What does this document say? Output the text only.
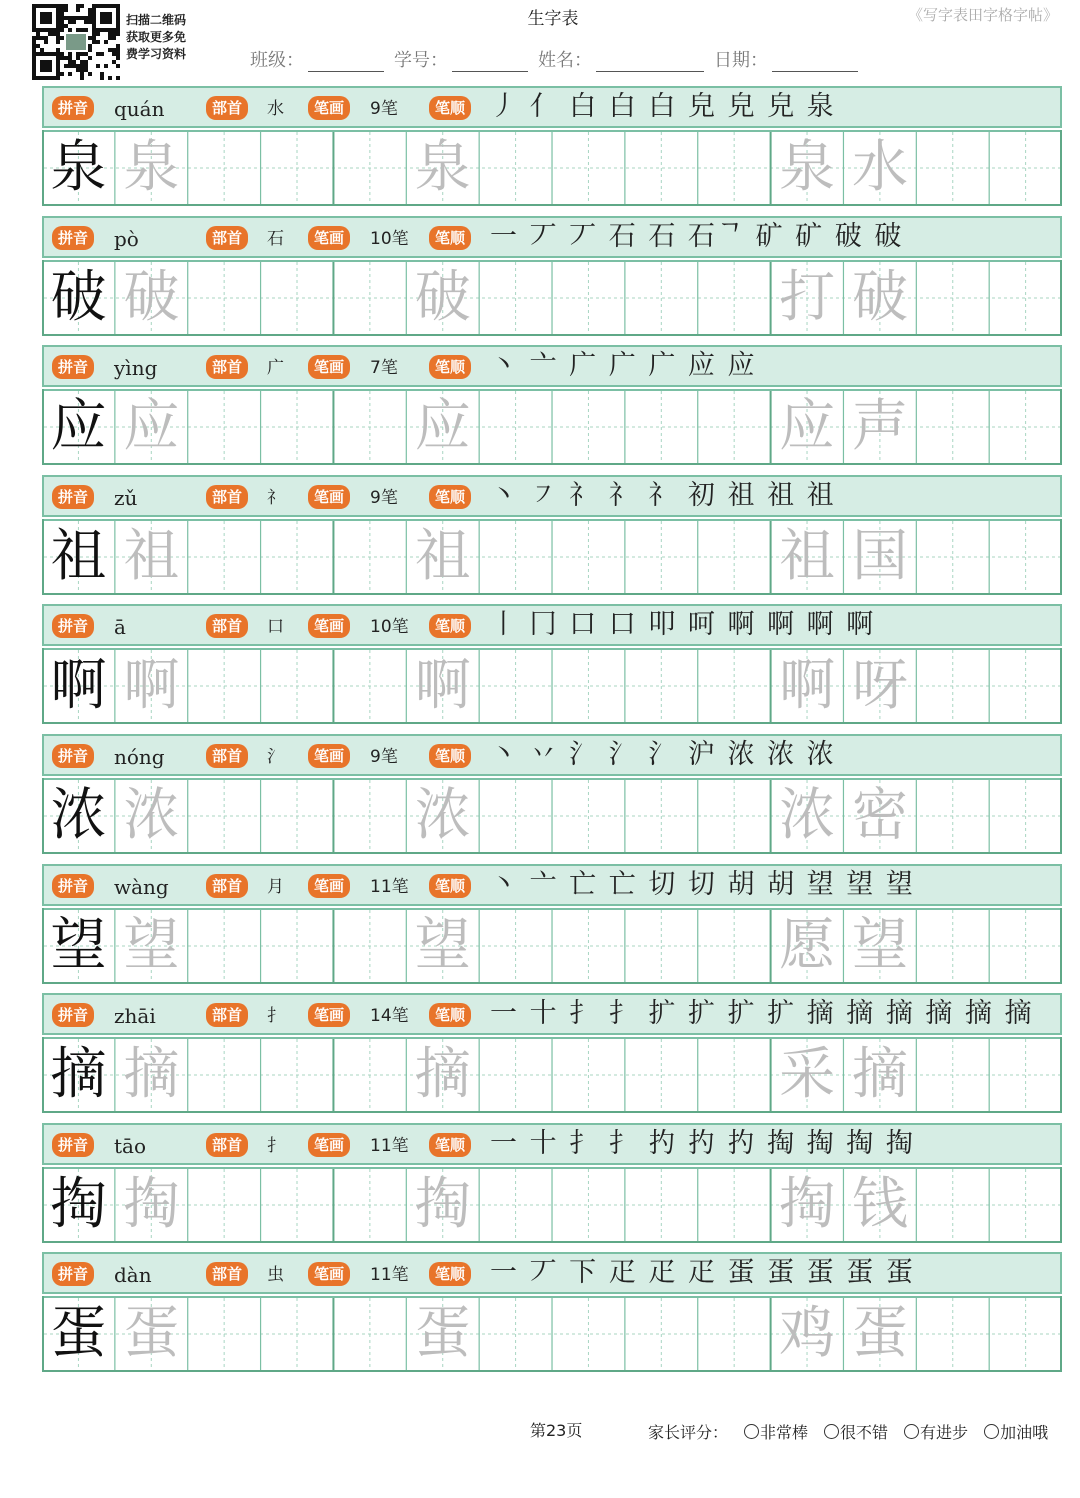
扫描二维码
获取更多免
费学习资料
生字表	《写字表田字格字帖》
班级：	学号：	姓名：	日期：
拼音	部首	笔画	笔顺
quán	水	9笔	丿 亻 白 白 白 皃 皃 皃 泉
泉 泉	泉	泉 水
拼音	部首	笔画	笔顺
pò	石	10笔	一 丆 丆 石 石 石ᄀ 矿 矿 破 破
破 破	破	打 破
拼音	部首	笔画	笔顺
yìng	广	7笔	丶 亠 广 广 广 应 应
应 应	应	应 声
拼音	部首	笔画	笔顺
zǔ	礻	9笔	丶 ㇇ 礻 礻 礻 初 祖 祖 祖
祖 祖	祖	祖 国
拼音	部首	笔画	笔顺
ā	口	10笔	丨 冂 口 口 叩 呵 啊 啊 啊 啊
啊 啊	啊	啊 呀
拼音	部首	笔画	笔顺
nóng	氵	9笔	丶 丷 氵 氵 氵 沪 浓 浓 浓
浓 浓	浓	浓 密
拼音	部首	笔画	笔顺
wàng	月	11笔	丶 亠 亡 亡 切 切 胡 胡 望 望 望
望 望	望	愿 望
拼音	部首	笔画	笔顺
zhāi	扌	14笔	一 十 扌 扌 扩 扩 扩 扩 摘 摘 摘 摘 摘 摘
摘 摘	摘	采 摘
拼音	部首	笔画	笔顺
tāo	扌	11笔	一 十 扌 扌 扚 扚 扚 掏 掏 掏 掏
掏 掏	掏	掏 钱
拼音	部首	笔画	笔顺
dàn	虫	11笔	一 丆 下 疋 疋 疋 蛋 蛋 蛋 蛋 蛋
蛋 蛋	蛋	鸡 蛋
第23页	家长评分： 非常棒 很不错 有进步 加油哦
